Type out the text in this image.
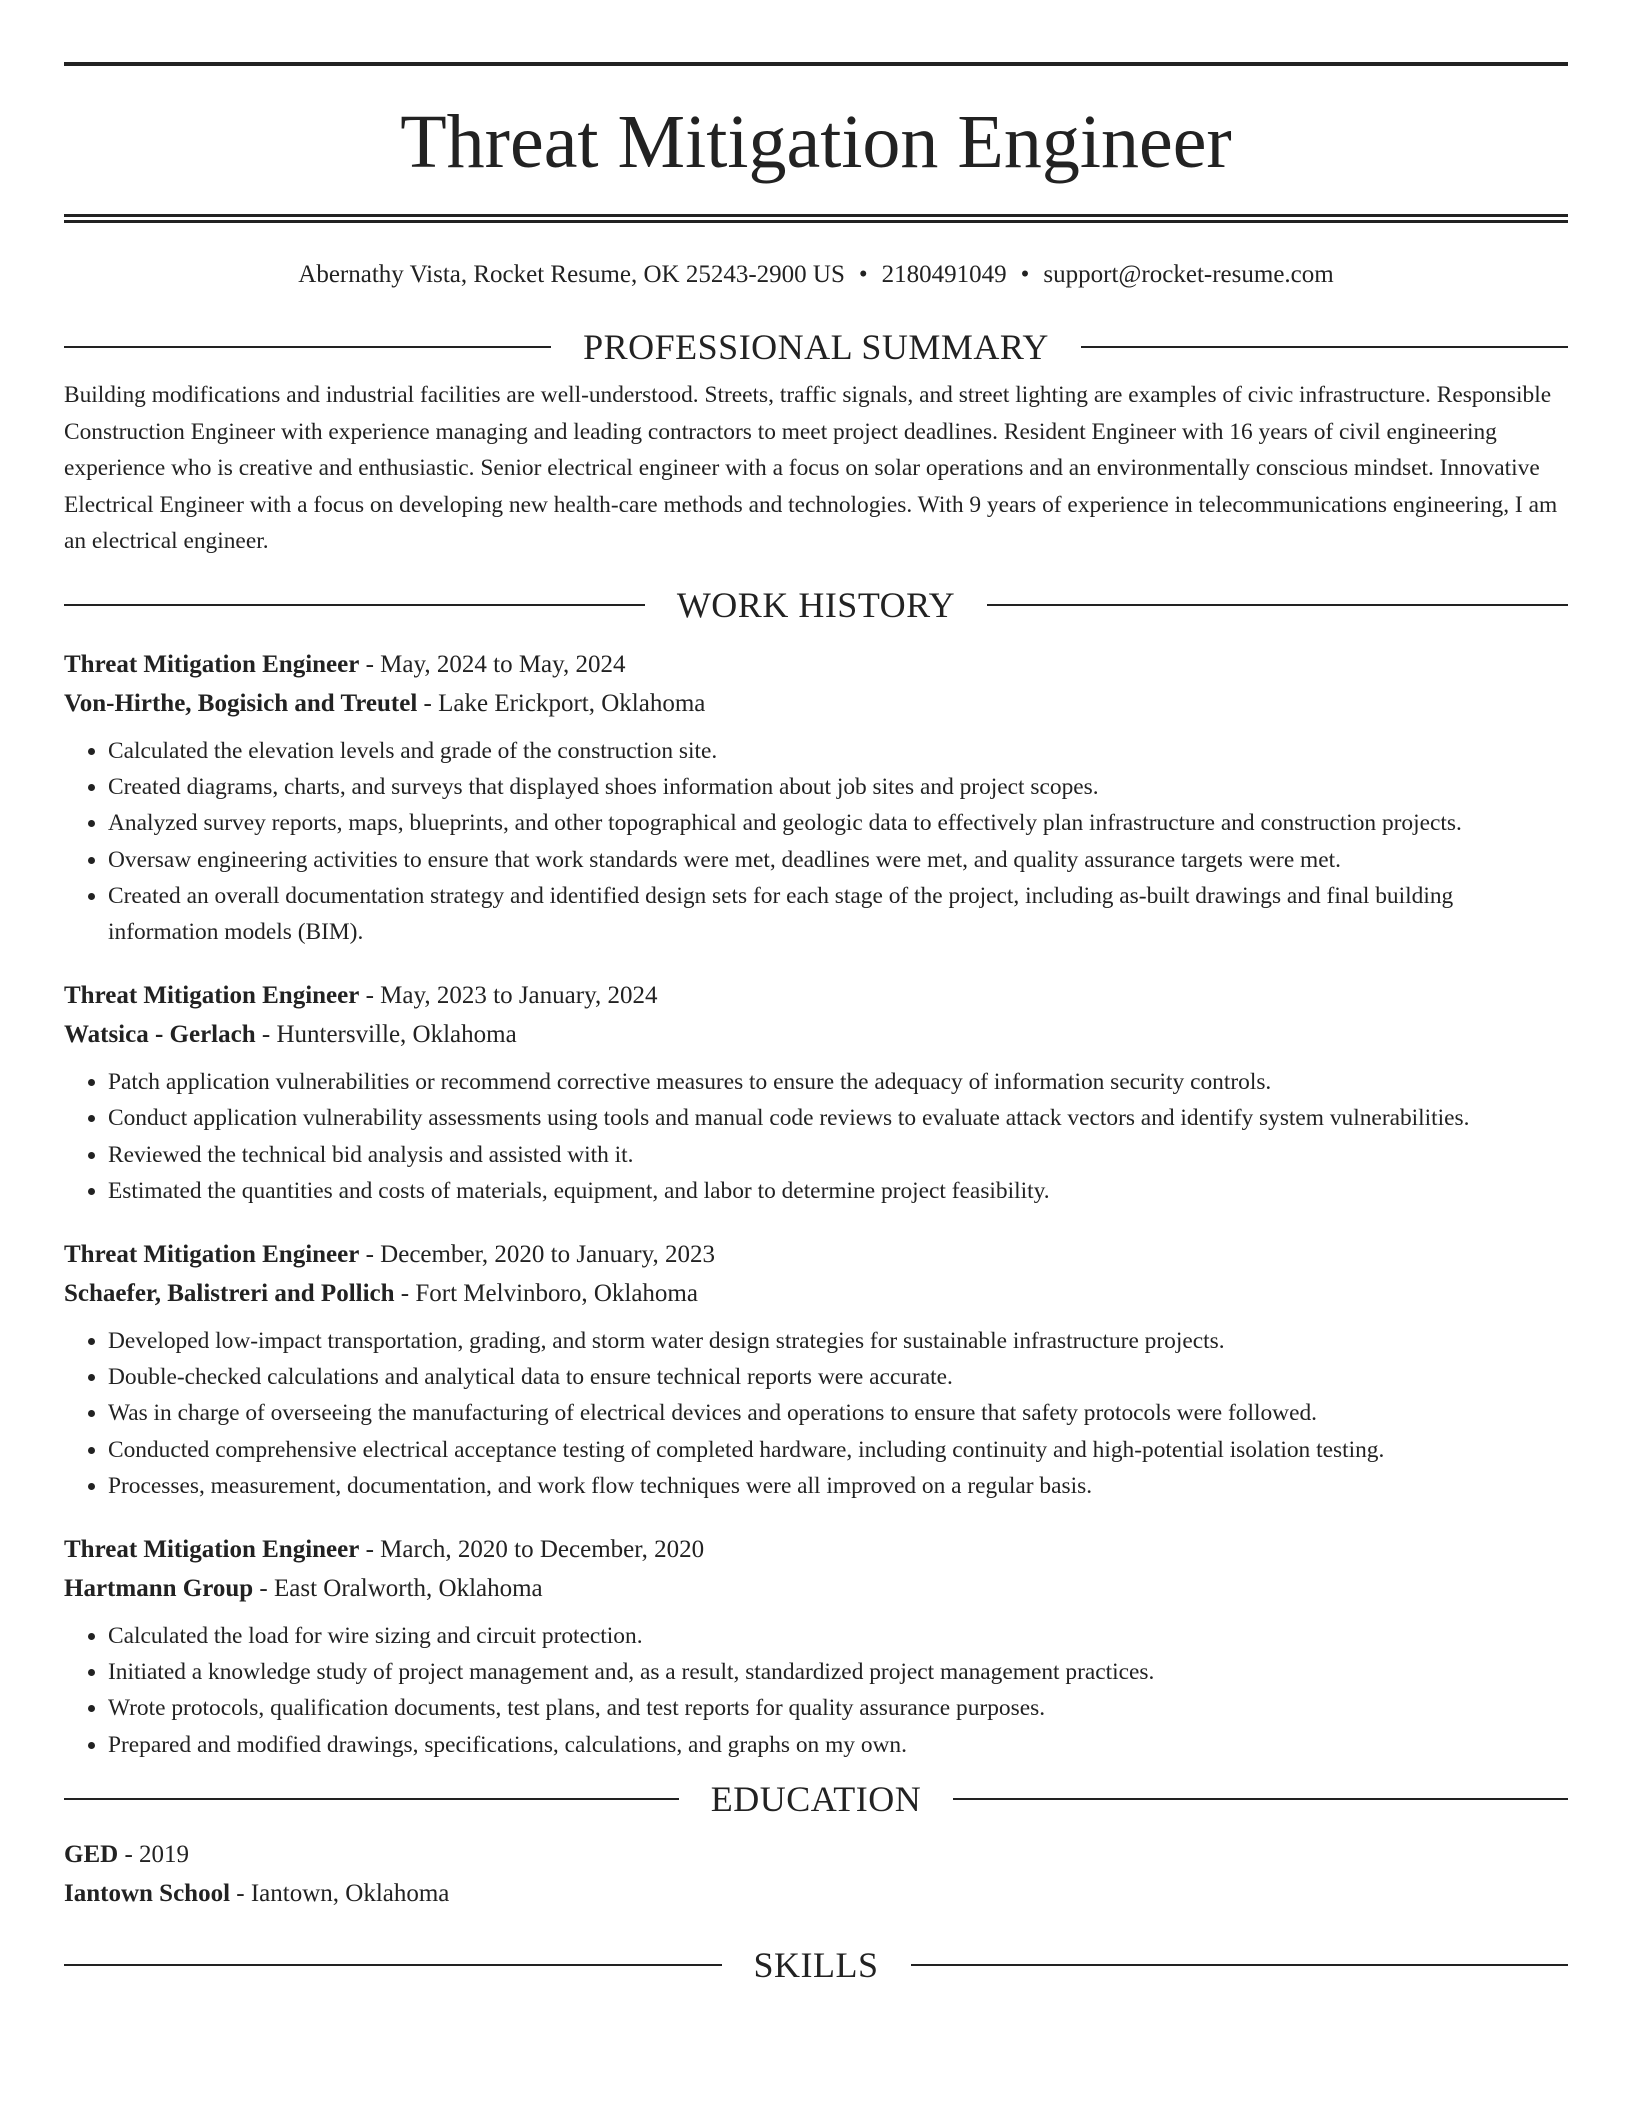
Threat Mitigation Engineer
Abernathy Vista, Rocket Resume, OK 25243-2900 US • 2180491049 • support@rocket-resume.com
PROFESSIONAL SUMMARY

Building modifications and industrial facilities are well-understood. Streets, traffic signals, and street lighting are examples of civic infrastructure. Responsible Construction Engineer with experience managing and leading contractors to meet project deadlines. Resident Engineer with 16 years of civil engineering experience who is creative and enthusiastic. Senior electrical engineer with a focus on solar operations and an environmentally conscious mindset. Innovative Electrical Engineer with a focus on developing new health-care methods and technologies. With 9 years of experience in telecommunications engineering, I am an electrical engineer.

WORK HISTORY
Threat Mitigation Engineer - May, 2024 to May, 2024
Von-Hirthe, Bogisich and Treutel - Lake Erickport, Oklahoma
• Calculated the elevation levels and grade of the construction site.
• Created diagrams, charts, and surveys that displayed shoes information about job sites and project scopes.
• Analyzed survey reports, maps, blueprints, and other topographical and geologic data to effectively plan infrastructure and construction projects.
• Oversaw engineering activities to ensure that work standards were met, deadlines were met, and quality assurance targets were met.
• Created an overall documentation strategy and identified design sets for each stage of the project, including as-built drawings and final building information models (BIM).
Threat Mitigation Engineer - May, 2023 to January, 2024
Watsica - Gerlach - Huntersville, Oklahoma
• Patch application vulnerabilities or recommend corrective measures to ensure the adequacy of information security controls.
• Conduct application vulnerability assessments using tools and manual code reviews to evaluate attack vectors and identify system vulnerabilities.
• Reviewed the technical bid analysis and assisted with it.
• Estimated the quantities and costs of materials, equipment, and labor to determine project feasibility.
Threat Mitigation Engineer - December, 2020 to January, 2023
Schaefer, Balistreri and Pollich - Fort Melvinboro, Oklahoma
• Developed low-impact transportation, grading, and storm water design strategies for sustainable infrastructure projects.
• Double-checked calculations and analytical data to ensure technical reports were accurate.
• Was in charge of overseeing the manufacturing of electrical devices and operations to ensure that safety protocols were followed.
• Conducted comprehensive electrical acceptance testing of completed hardware, including continuity and high-potential isolation testing.
• Processes, measurement, documentation, and work flow techniques were all improved on a regular basis.
Threat Mitigation Engineer - March, 2020 to December, 2020
Hartmann Group - East Oralworth, Oklahoma
• Calculated the load for wire sizing and circuit protection.
• Initiated a knowledge study of project management and, as a result, standardized project management practices.
• Wrote protocols, qualification documents, test plans, and test reports for quality assurance purposes.
• Prepared and modified drawings, specifications, calculations, and graphs on my own.
EDUCATION
GED - 2019
Iantown School - Iantown, Oklahoma
SKILLS
